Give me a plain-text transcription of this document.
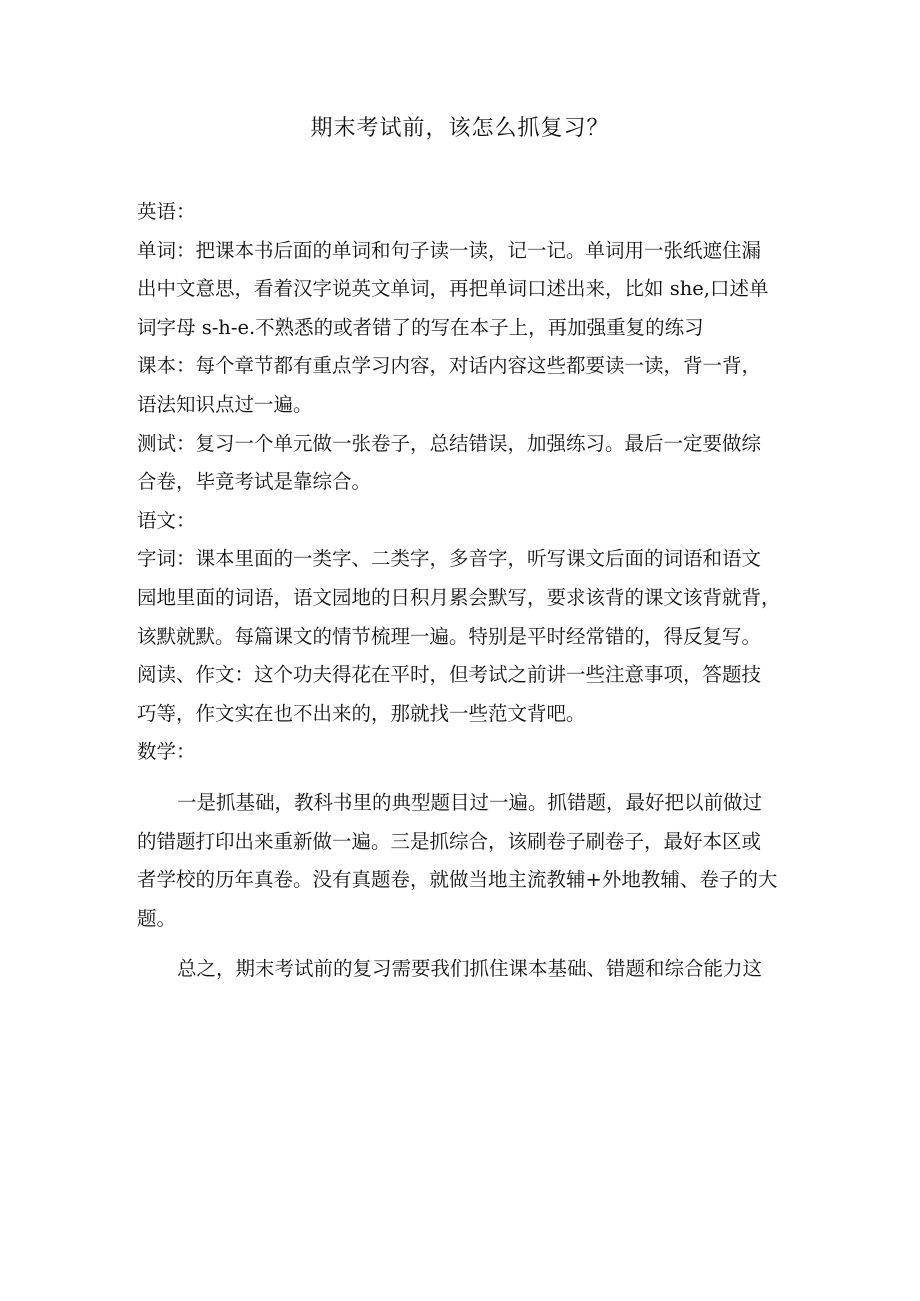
期末考试前，该怎么抓复习？
英语：
单词：把课本书后面的单词和句子读一读，记一记。单词用一张纸遮住漏
出中文意思，看着汉字说英文单词，再把单词口述出来，比如 she,口述单
词字母 s-h-e.不熟悉的或者错了的写在本子上，再加强重复的练习
课本：每个章节都有重点学习内容，对话内容这些都要读一读，背一背，
语法知识点过一遍。
测试：复习一个单元做一张卷子，总结错误，加强练习。最后一定要做综
合卷，毕竟考试是靠综合。
语文：
字词：课本里面的一类字、二类字，多音字，听写课文后面的词语和语文
园地里面的词语，语文园地的日积月累会默写，要求该背的课文该背就背，
该默就默。每篇课文的情节梳理一遍。特别是平时经常错的，得反复写。
阅读、作文：这个功夫得花在平时，但考试之前讲一些注意事项，答题技
巧等，作文实在也不出来的，那就找一些范文背吧。
数学：
一是抓基础，教科书里的典型题目过一遍。抓错题，最好把以前做过
的错题打印出来重新做一遍。三是抓综合，该刷卷子刷卷子，最好本区或
者学校的历年真卷。没有真题卷，就做当地主流教辅+外地教辅、卷子的大
题。
总之，期末考试前的复习需要我们抓住课本基础、错题和综合能力这
